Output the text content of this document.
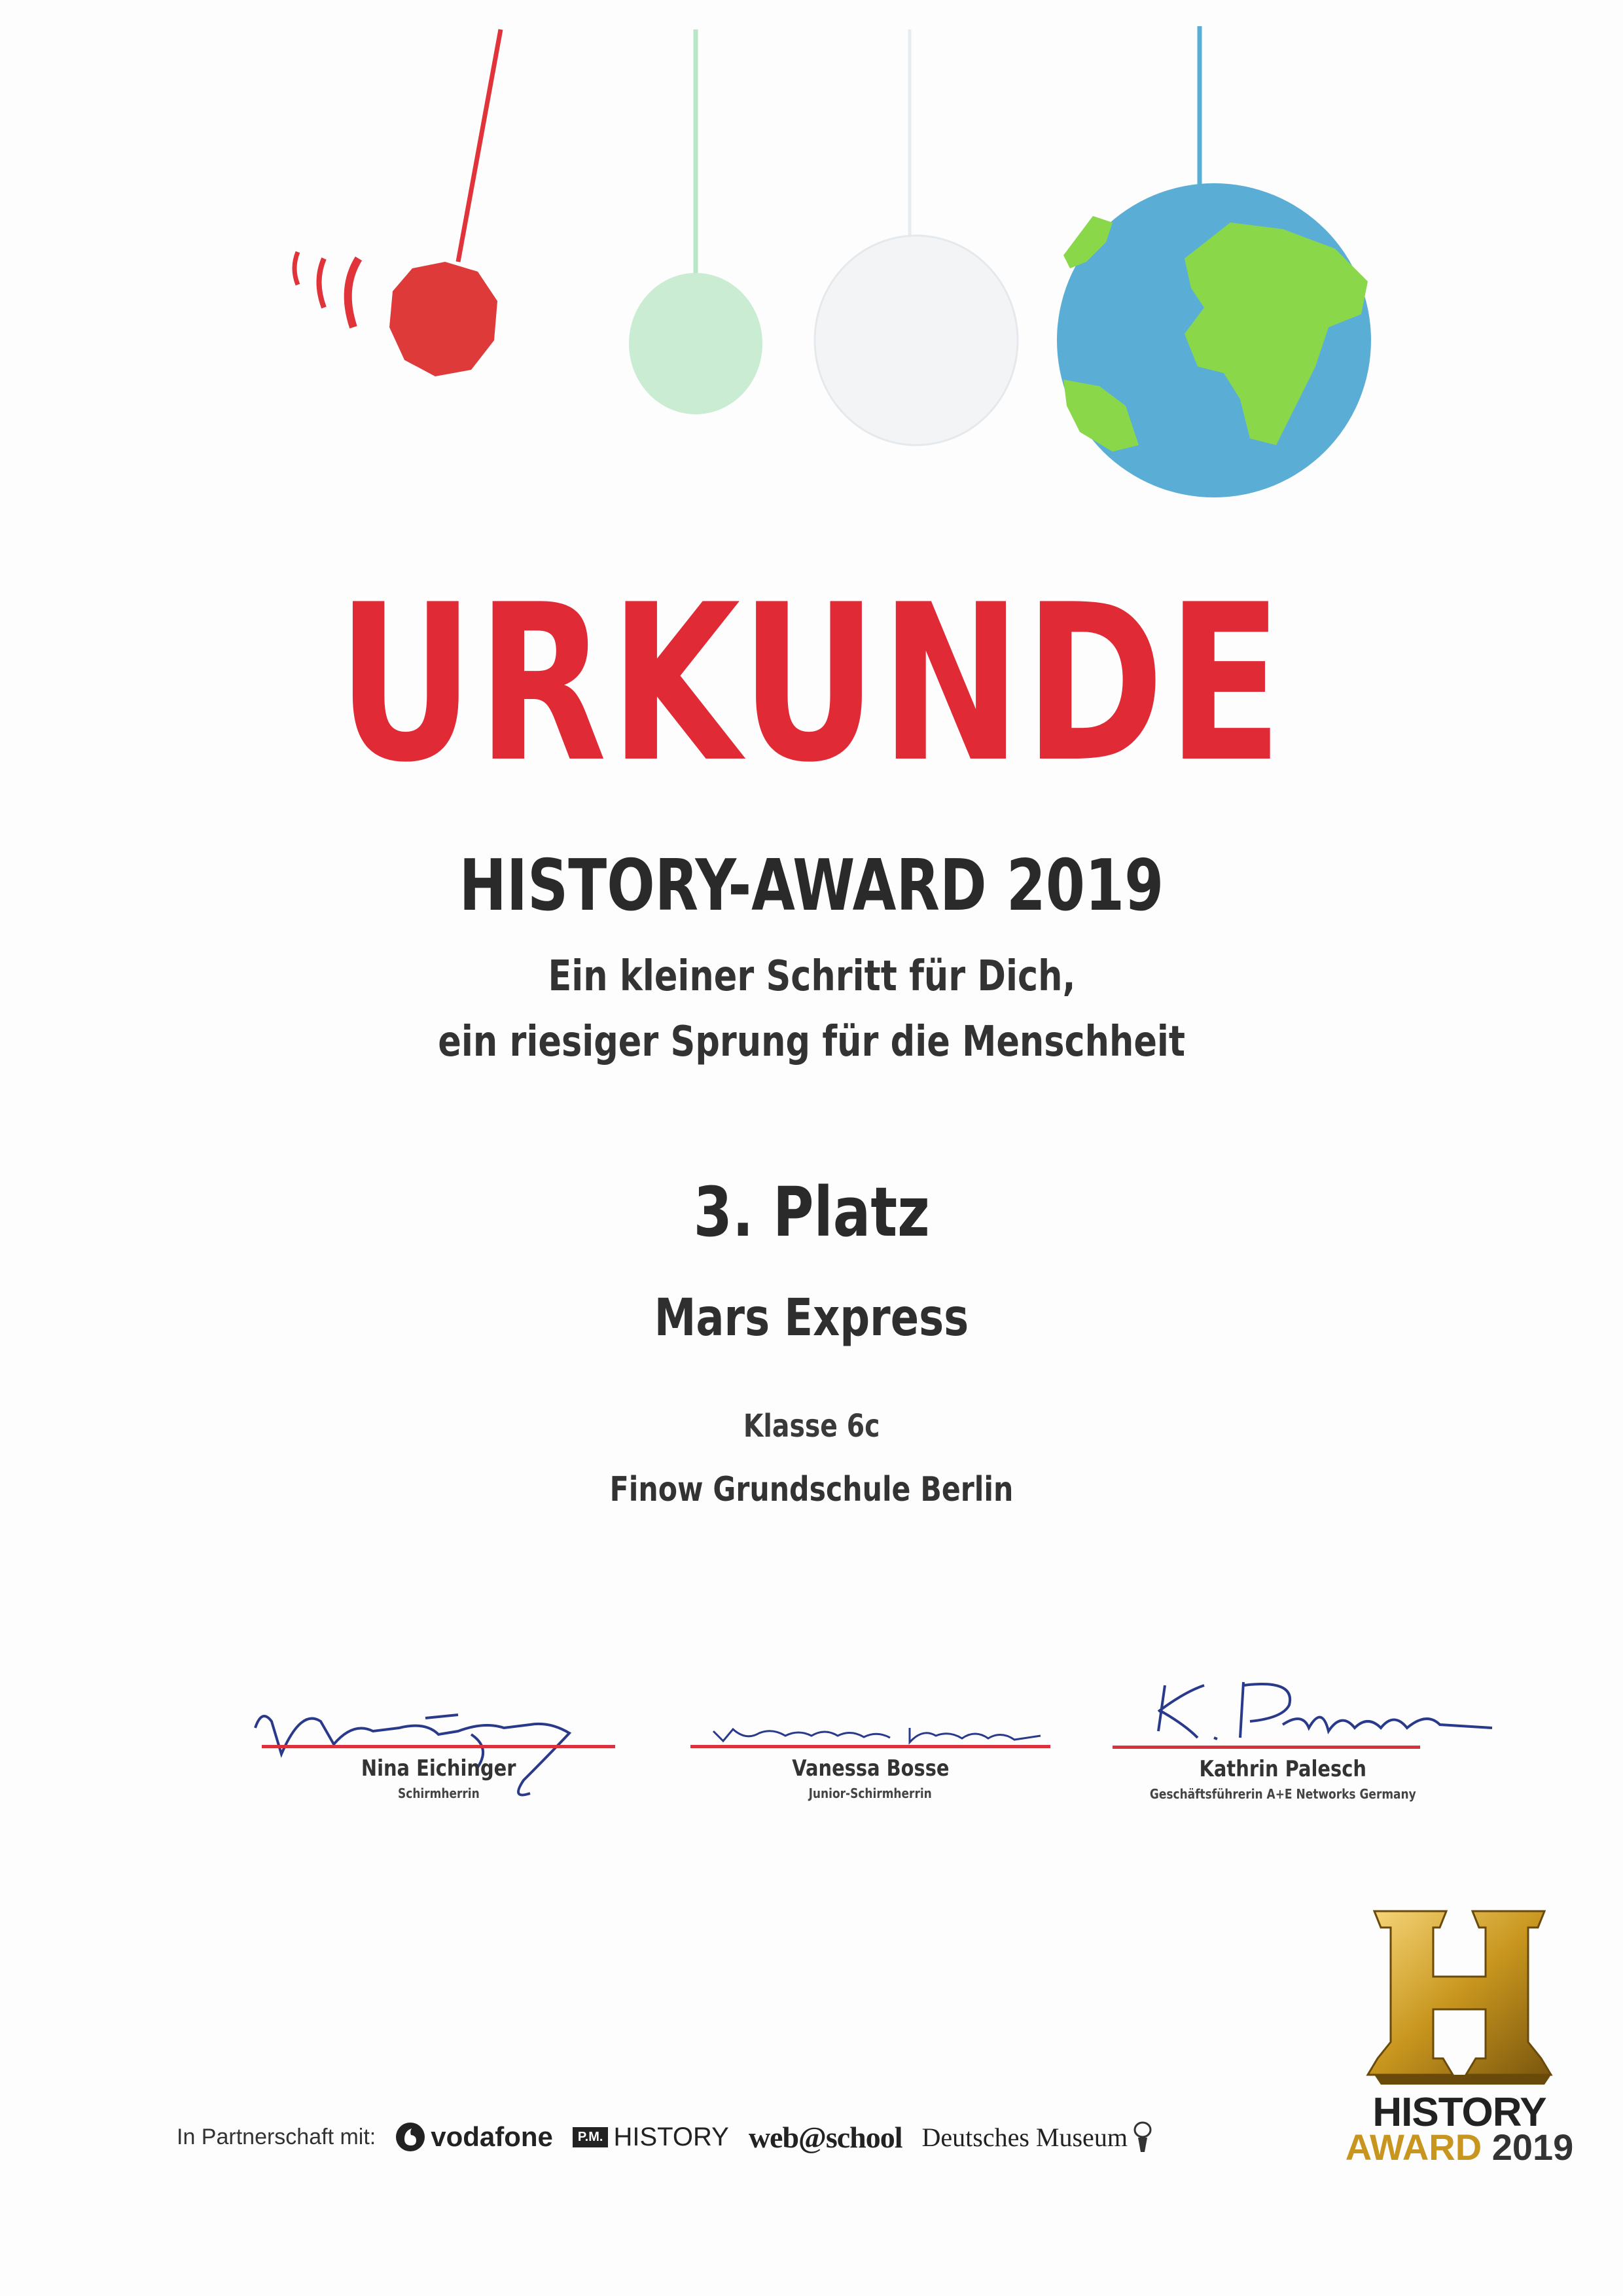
URKUNDE
HISTORY-AWARD 2019
Ein kleiner Schritt für Dich,
ein riesiger Sprung für die Menschheit
3. Platz
Mars Express
Klasse 6c
Finow Grundschule Berlin
Nina Eichinger
Schirmherrin
Vanessa Bosse
Junior-Schirmherrin
Kathrin Palesch
Geschäftsführerin A+E Networks Germany
In Partnerschaft mit: vodafone	P.M. HISTORY web@school Deutsches Museum
HISTORY
AWARD 2019
